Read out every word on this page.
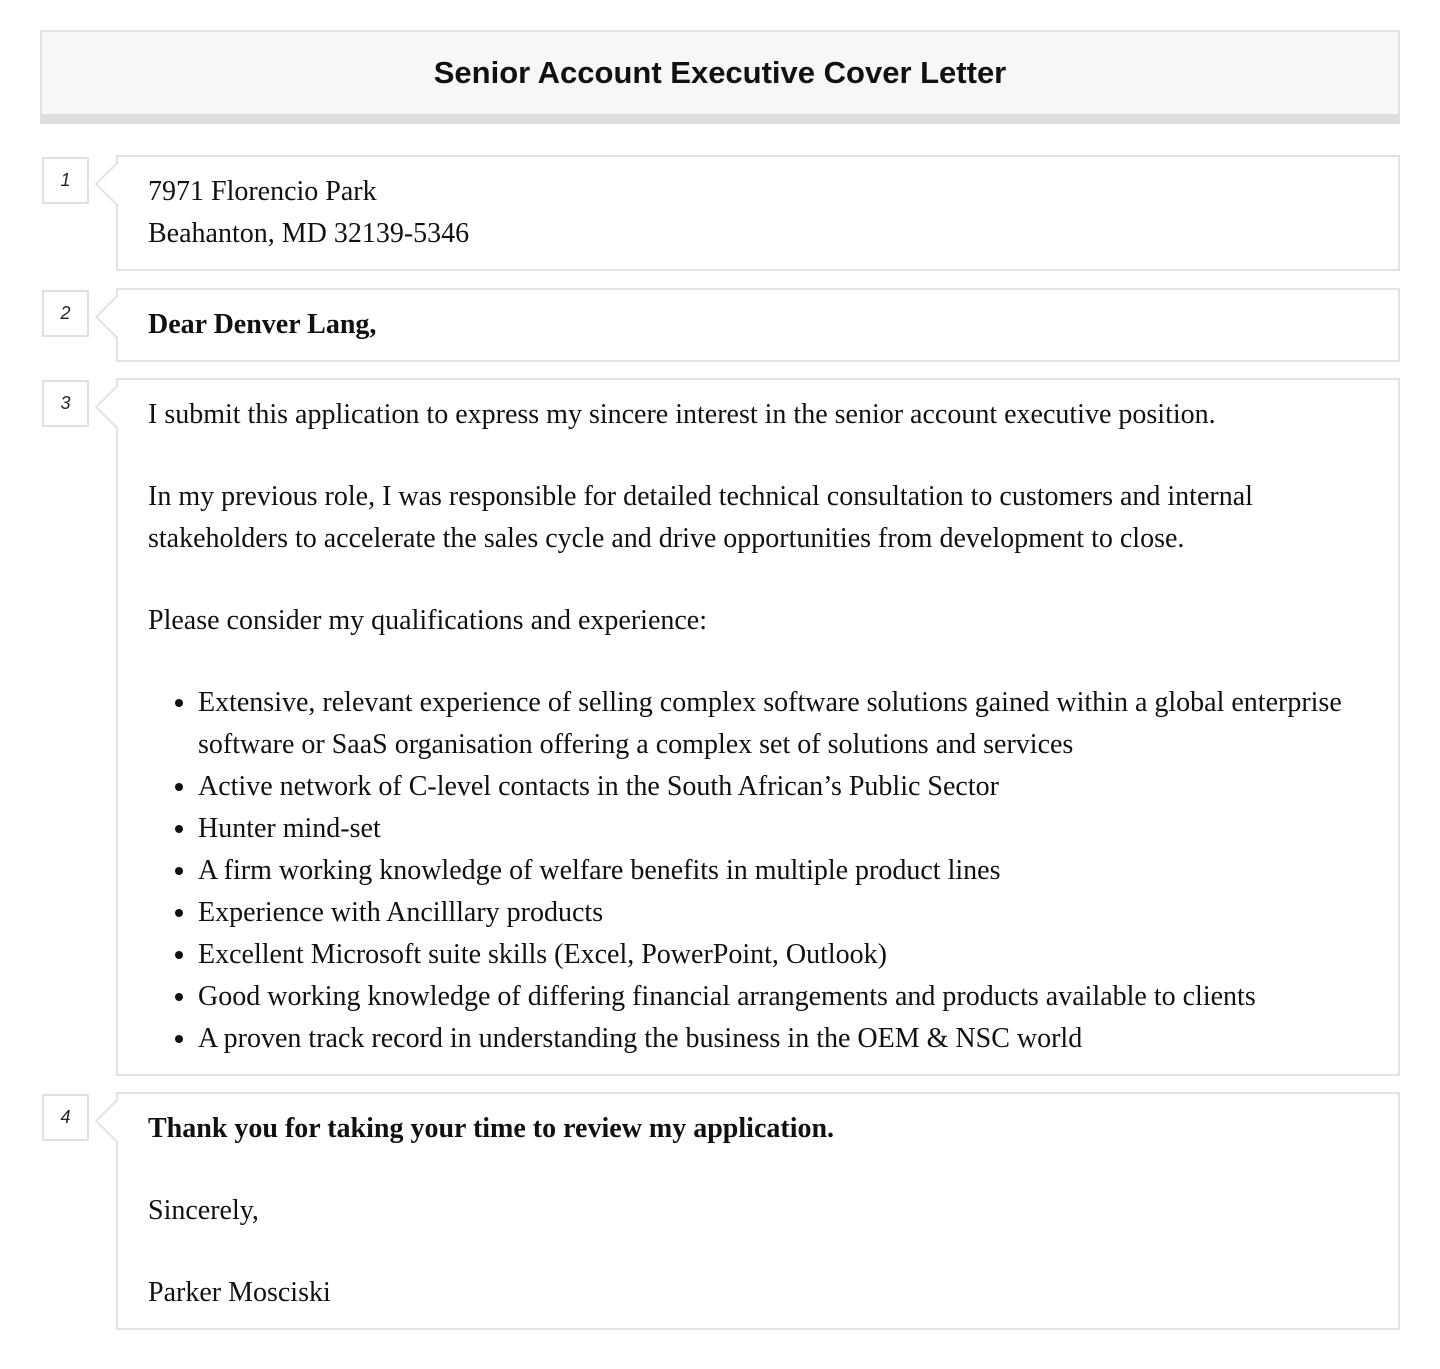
Senior Account Executive Cover Letter
1	7971 Florencio Park

Beahanton, MD 32139-5346

2	Dear Denver Lang,

3	I submit this application to express my sincere interest in the senior account executive position.

In my previous role, I was responsible for detailed technical consultation to customers and internal stakeholders to accelerate the sales cycle and drive opportunities from development to close.

Please consider my qualifications and experience:

• Extensive, relevant experience of selling complex software solutions gained within a global enterprise software or SaaS organisation offering a complex set of solutions and services
• Active network of C-level contacts in the South African’s Public Sector
• Hunter mind-set
• A firm working knowledge of welfare benefits in multiple product lines
• Experience with Ancilllary products
• Excellent Microsoft suite skills (Excel, PowerPoint, Outlook)
• Good working knowledge of differing financial arrangements and products available to clients
• A proven track record in understanding the business in the OEM & NSC world
4	Thank you for taking your time to review my application.

Sincerely,

Parker Mosciski
